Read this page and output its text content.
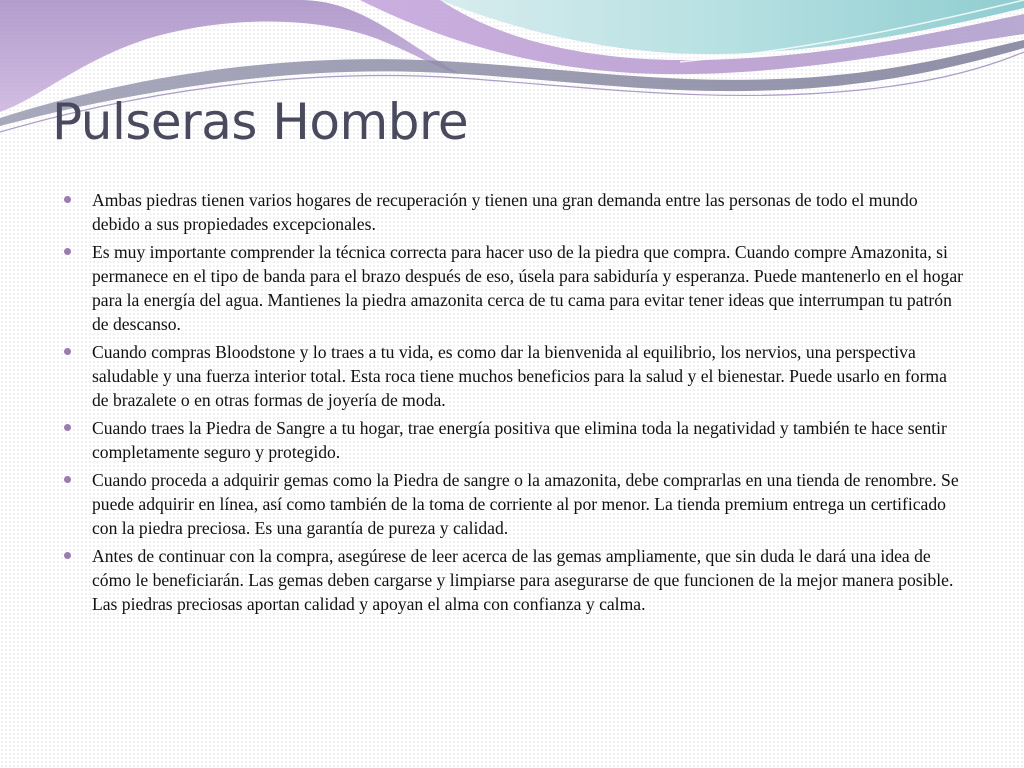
Pulseras Hombre
Ambas piedras tienen varios hogares de recuperación y tienen una gran demanda entre las personas de todo el mundo debido a sus propiedades excepcionales.
Es muy importante comprender la técnica correcta para hacer uso de la piedra que compra. Cuando compre Amazonita, si permanece en el tipo de banda para el brazo después de eso, úsela para sabiduría y esperanza. Puede mantenerlo en el hogar para la energía del agua. Mantienes la piedra amazonita cerca de tu cama para evitar tener ideas que interrumpan tu patrón de descanso.
Cuando compras Bloodstone y lo traes a tu vida, es como dar la bienvenida al equilibrio, los nervios, una perspectiva saludable y una fuerza interior total. Esta roca tiene muchos beneficios para la salud y el bienestar. Puede usarlo en forma de brazalete o en otras formas de joyería de moda.
Cuando traes la Piedra de Sangre a tu hogar, trae energía positiva que elimina toda la negatividad y también te hace sentir completamente seguro y protegido.
Cuando proceda a adquirir gemas como la Piedra de sangre o la amazonita, debe comprarlas en una tienda de renombre. Se puede adquirir en línea, así como también de la toma de corriente al por menor. La tienda premium entrega un certificado con la piedra preciosa. Es una garantía de pureza y calidad.
Antes de continuar con la compra, asegúrese de leer acerca de las gemas ampliamente, que sin duda le dará una idea de cómo le beneficiarán. Las gemas deben cargarse y limpiarse para asegurarse de que funcionen de la mejor manera posible. Las piedras preciosas aportan calidad y apoyan el alma con confianza y calma.
